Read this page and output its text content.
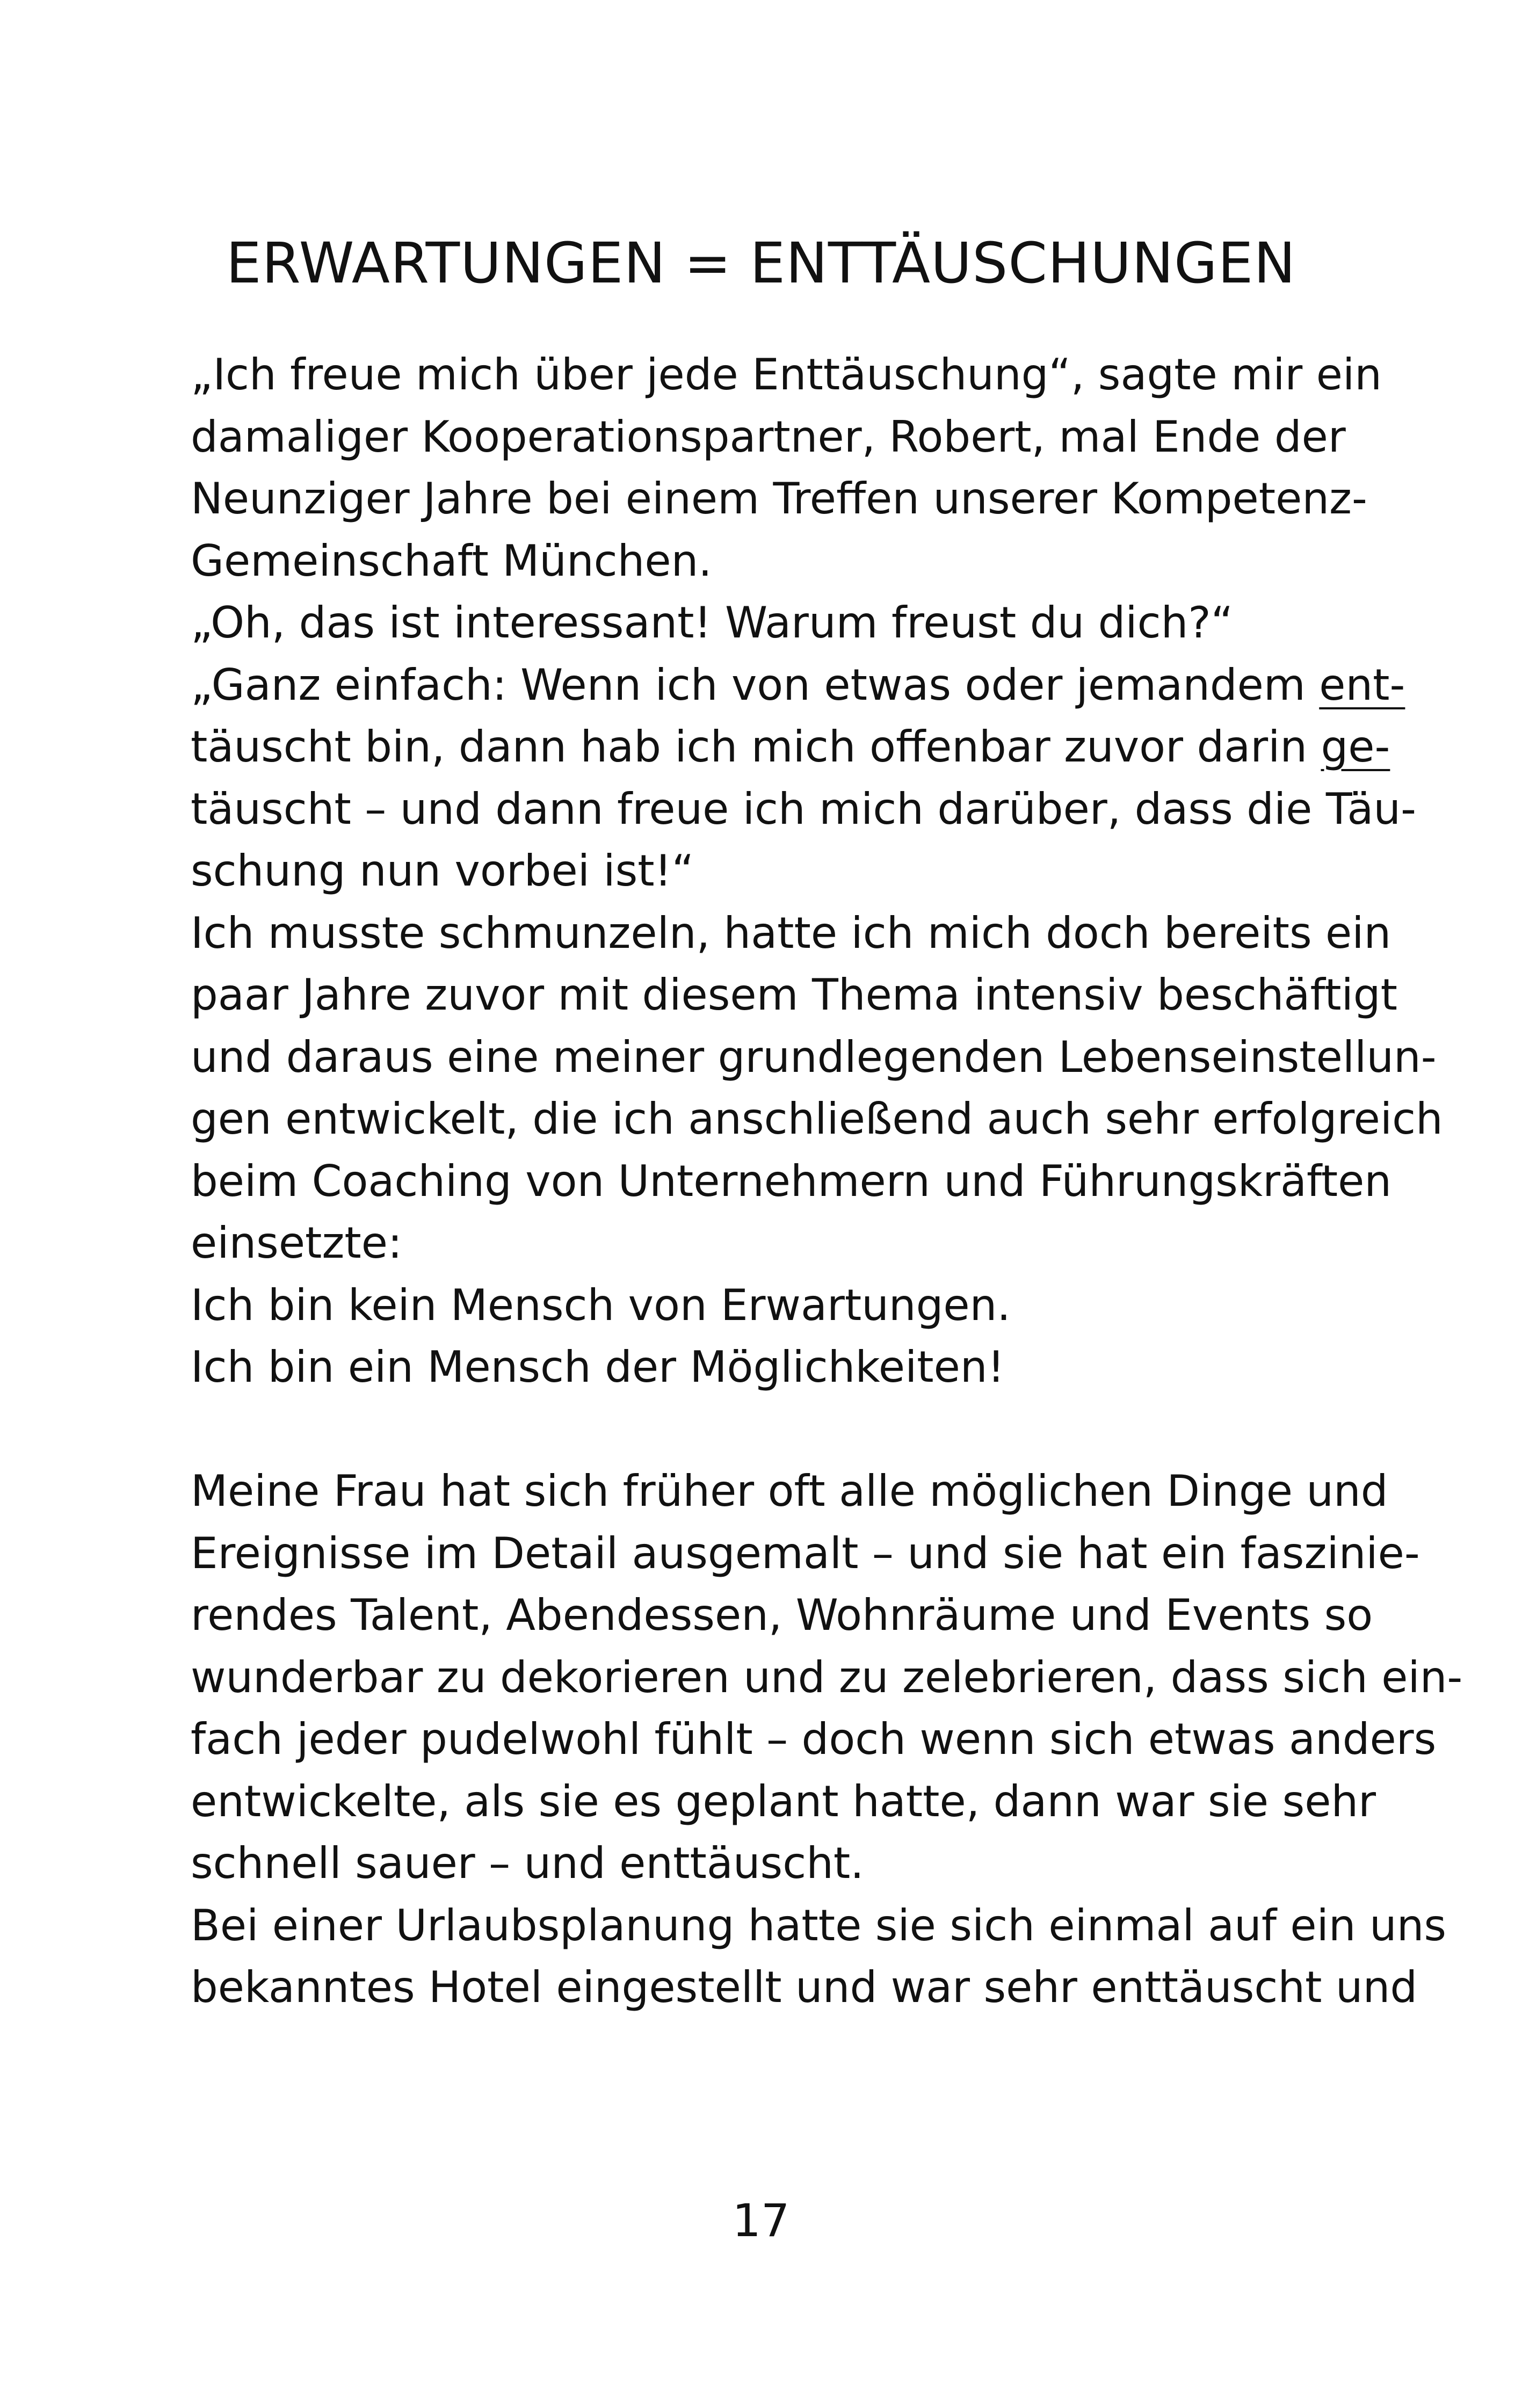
ERWARTUNGEN = ENTTÄUSCHUNGEN
„Ich freue mich über jede Enttäuschung“, sagte mir ein
damaliger Kooperationspartner, Robert, mal Ende der
Neunziger Jahre bei einem Treffen unserer Kompetenz-
Gemeinschaft München.
„Oh, das ist interessant! Warum freust du dich?“
„Ganz einfach: Wenn ich von etwas oder jemandem ent-
täuscht bin, dann hab ich mich offenbar zuvor darin ge-
täuscht – und dann freue ich mich darüber, dass die Täu-
schung nun vorbei ist!“
Ich musste schmunzeln, hatte ich mich doch bereits ein
paar Jahre zuvor mit diesem Thema intensiv beschäftigt
und daraus eine meiner grundlegenden Lebenseinstellun-
gen entwickelt, die ich anschließend auch sehr erfolgreich
beim Coaching von Unternehmern und Führungskräften
einsetzte:
Ich bin kein Mensch von Erwartungen.
Ich bin ein Mensch der Möglichkeiten!
Meine Frau hat sich früher oft alle möglichen Dinge und
Ereignisse im Detail ausgemalt – und sie hat ein faszinie-
rendes Talent, Abendessen, Wohnräume und Events so
wunderbar zu dekorieren und zu zelebrieren, dass sich ein-
fach jeder pudelwohl fühlt – doch wenn sich etwas anders
entwickelte, als sie es geplant hatte, dann war sie sehr
schnell sauer – und enttäuscht.
Bei einer Urlaubsplanung hatte sie sich einmal auf ein uns
bekanntes Hotel eingestellt und war sehr enttäuscht und
17
